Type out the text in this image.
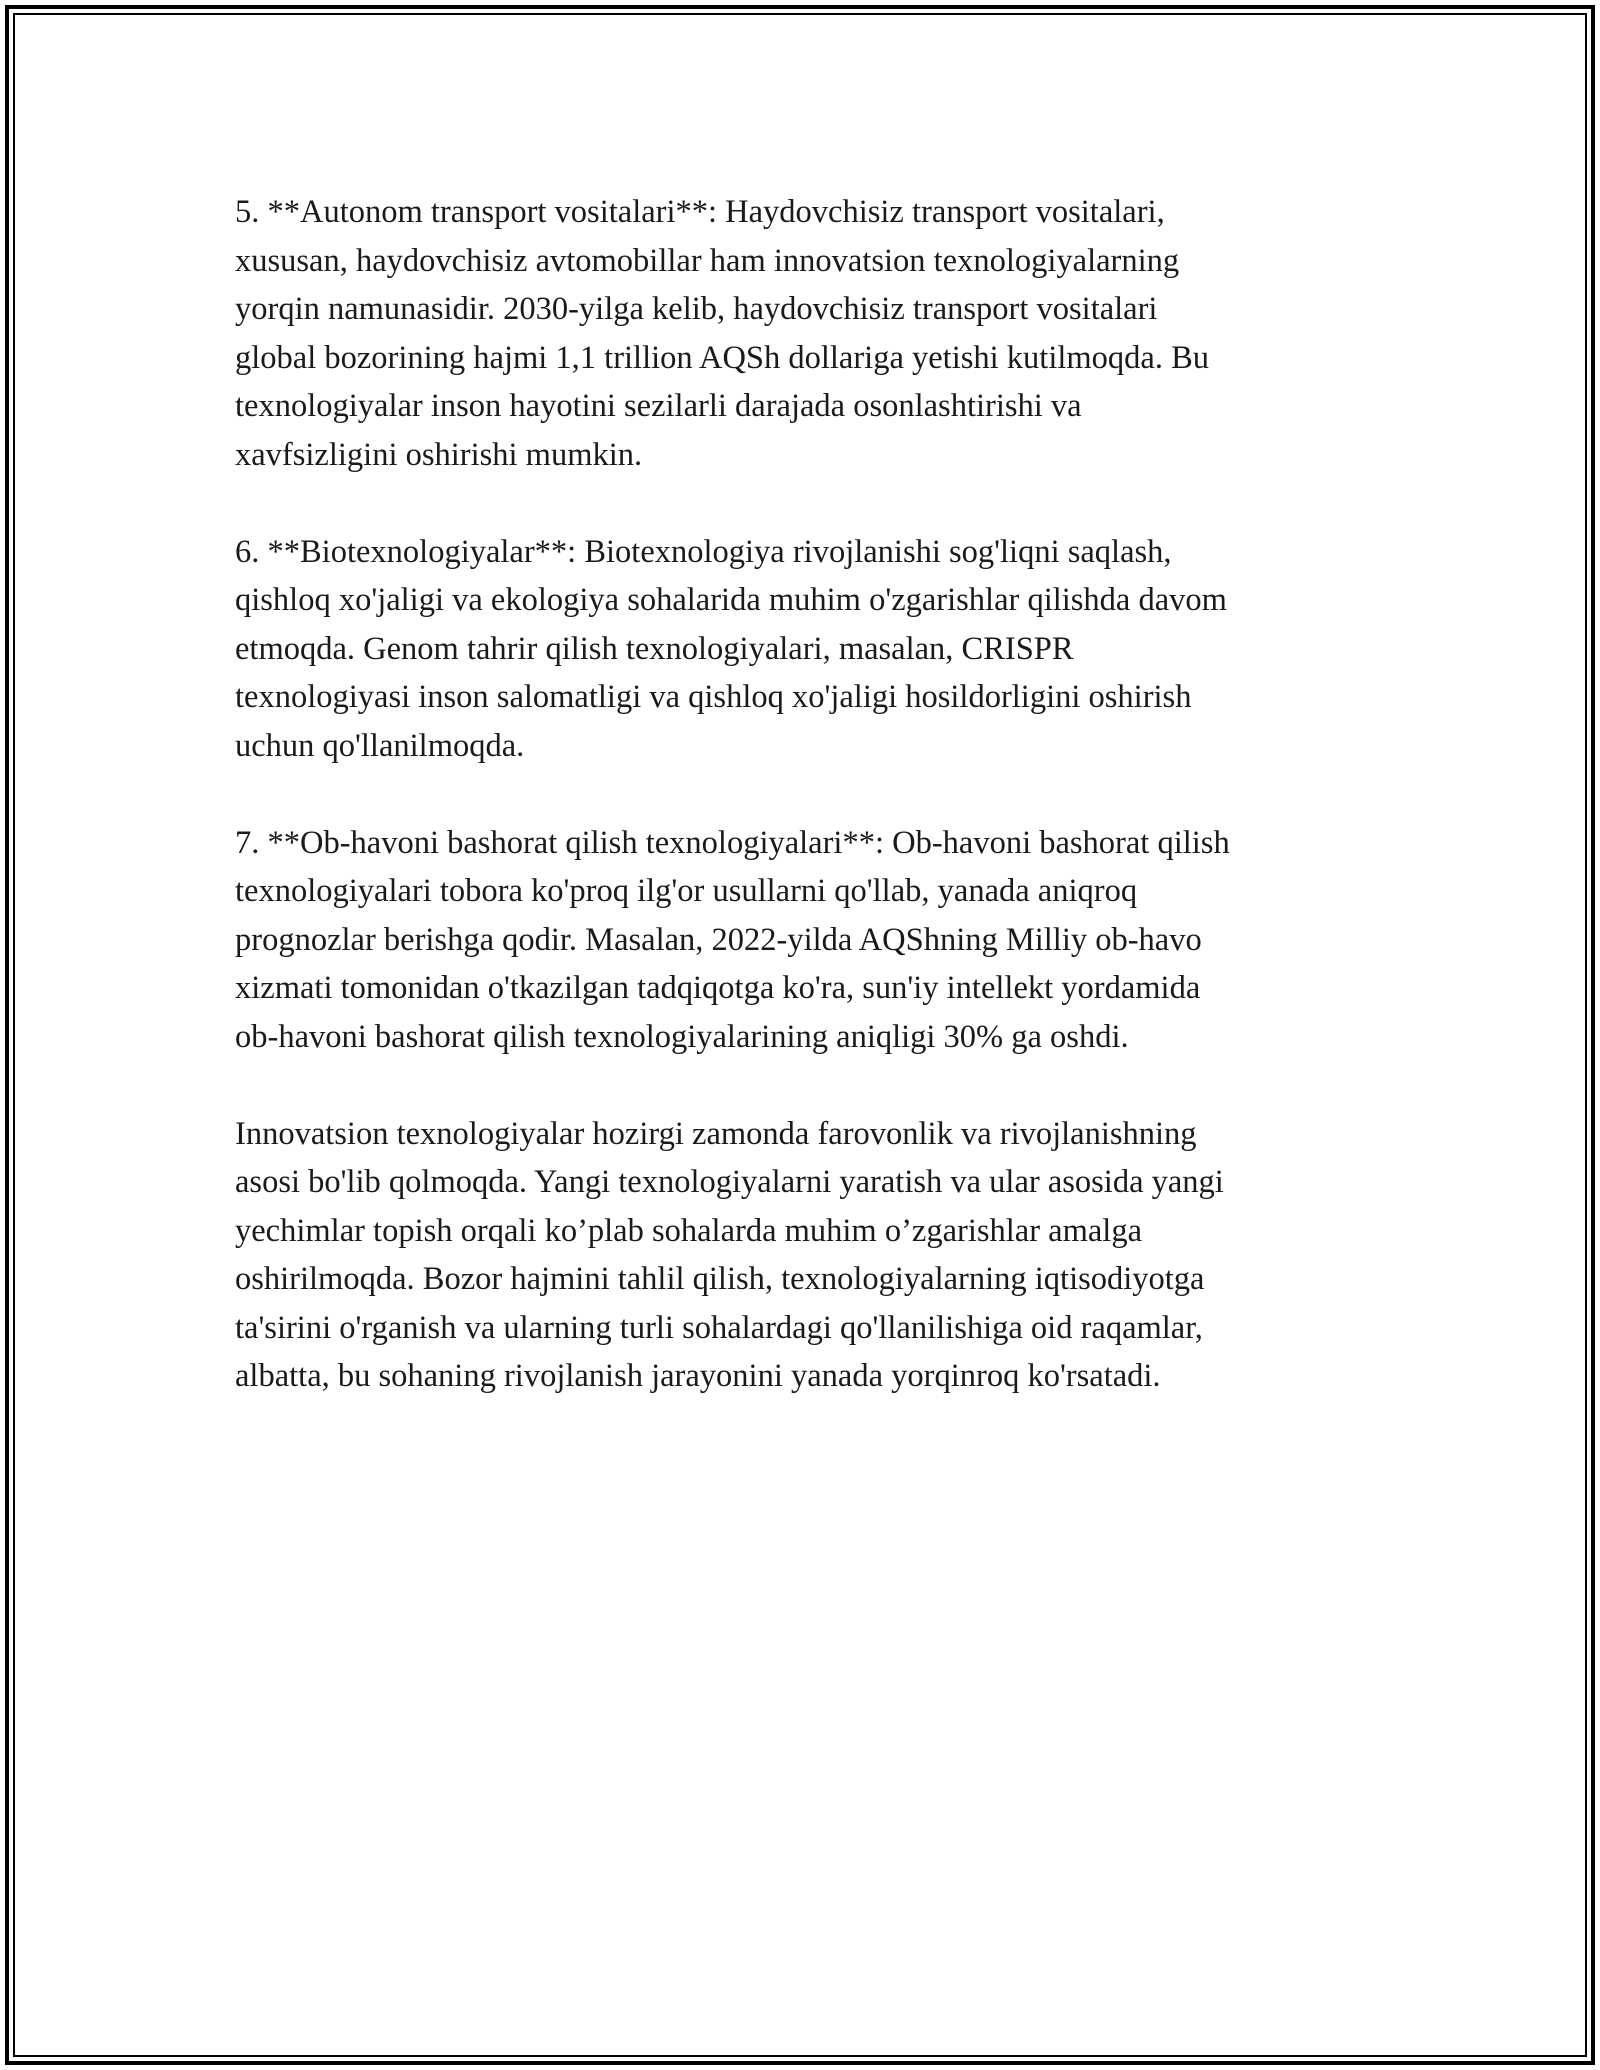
5. **Autonom transport vositalari**: Haydovchisiz transport vositalari,
xususan, haydovchisiz avtomobillar ham innovatsion texnologiyalarning
yorqin namunasidir. 2030-yilga kelib, haydovchisiz transport vositalari
global bozorining hajmi 1,1 trillion AQSh dollariga yetishi kutilmoqda. Bu
texnologiyalar inson hayotini sezilarli darajada osonlashtirishi va
xavfsizligini oshirishi mumkin.

6. **Biotexnologiyalar**: Biotexnologiya rivojlanishi sog'liqni saqlash,
qishloq xo'jaligi va ekologiya sohalarida muhim o'zgarishlar qilishda davom
etmoqda. Genom tahrir qilish texnologiyalari, masalan, CRISPR
texnologiyasi inson salomatligi va qishloq xo'jaligi hosildorligini oshirish
uchun qo'llanilmoqda.

7. **Ob-havoni bashorat qilish texnologiyalari**: Ob-havoni bashorat qilish
texnologiyalari tobora ko'proq ilg'or usullarni qo'llab, yanada aniqroq
prognozlar berishga qodir. Masalan, 2022-yilda AQShning Milliy ob-havo
xizmati tomonidan o'tkazilgan tadqiqotga ko'ra, sun'iy intellekt yordamida
ob-havoni bashorat qilish texnologiyalarining aniqligi 30% ga oshdi.

Innovatsion texnologiyalar hozirgi zamonda farovonlik va rivojlanishning
asosi bo'lib qolmoqda. Yangi texnologiyalarni yaratish va ular asosida yangi
yechimlar topish orqali ko’plab sohalarda muhim o’zgarishlar amalga
oshirilmoqda. Bozor hajmini tahlil qilish, texnologiyalarning iqtisodiyotga
ta'sirini o'rganish va ularning turli sohalardagi qo'llanilishiga oid raqamlar,
albatta, bu sohaning rivojlanish jarayonini yanada yorqinroq ko'rsatadi.
